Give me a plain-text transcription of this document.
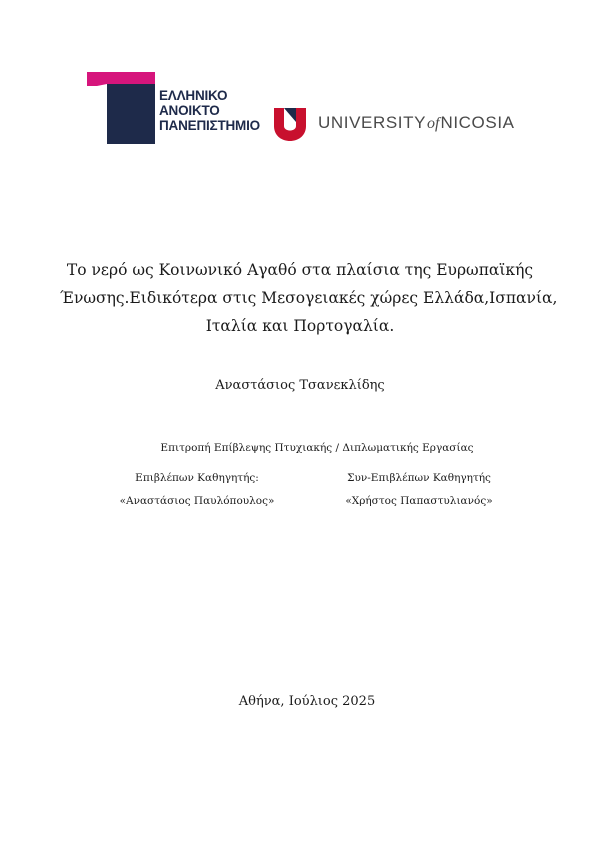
ΕΛΛΗΝΙΚΟ
ΑΝΟΙΚΤΟ
ΠΑΝΕΠΙΣΤΗΜΙΟ	UNIVERSITYofNICOSIA
Το νερό ως Κοινωνικό Αγαθό στα πλαίσια της Ευρωπαϊκής
Ένωσης.Ειδικότερα στις Μεσογειακές χώρες Ελλάδα,Ισπανία,
Ιταλία και Πορτογαλία.
Αναστάσιος Τσανεκλίδης
Επιτροπή Επίβλεψης Πτυχιακής / Διπλωματικής Εργασίας
Επιβλέπων Καθηγητής:
«Αναστάσιος Παυλόπουλος»
Συν-Επιβλέπων Καθηγητής
«Χρήστος Παπαστυλιανός»
Αθήνα, Ιούλιος 2025
